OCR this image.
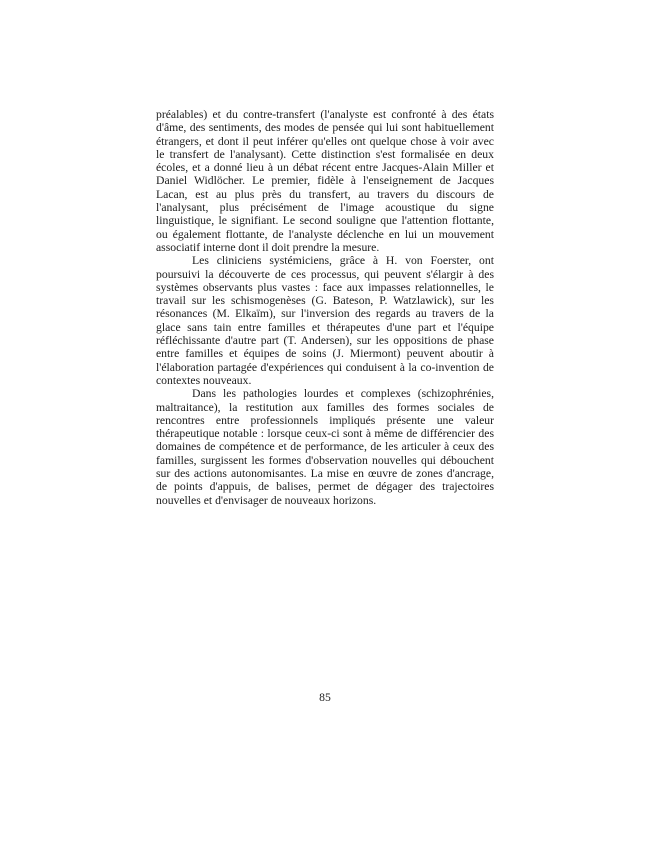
préalables) et du contre-transfert (l'analyste est confronté à des états d'âme, des sentiments, des modes de pensée qui lui sont habituellement étrangers, et dont il peut inférer qu'elles ont quelque chose à voir avec le transfert de l'analysant). Cette distinction s'est formalisée en deux écoles, et a donné lieu à un débat récent entre Jacques-Alain Miller et Daniel Widlöcher. Le premier, fidèle à l'enseignement de Jacques Lacan, est au plus près du transfert, au travers du discours de l'analysant, plus précisément de l'image acoustique du signe linguistique, le signifiant. Le second souligne que l'attention flottante, ou également flottante, de l'analyste déclenche en lui un mouvement associatif interne dont il doit prendre la mesure.

Les cliniciens systémiciens, grâce à H. von Foerster, ont poursuivi la découverte de ces processus, qui peuvent s'élargir à des systèmes observants plus vastes : face aux impasses relationnelles, le travail sur les schismogenèses (G. Bateson, P. Watzlawick), sur les résonances (M. Elkaïm), sur l'inversion des regards au travers de la glace sans tain entre familles et thérapeutes d'une part et l'équipe réfléchissante d'autre part (T. Andersen), sur les oppositions de phase entre familles et équipes de soins (J. Miermont) peuvent aboutir à l'élaboration partagée d'expériences qui conduisent à la co-invention de contextes nouveaux.

Dans les pathologies lourdes et complexes (schizophrénies, maltraitance), la restitution aux familles des formes sociales de rencontres entre professionnels impliqués présente une valeur thérapeutique notable : lorsque ceux-ci sont à même de différencier des domaines de compétence et de performance, de les articuler à ceux des familles, surgissent les formes d'observation nouvelles qui débouchent sur des actions autonomisantes. La mise en œuvre de zones d'ancrage, de points d'appuis, de balises, permet de dégager des trajectoires nouvelles et d'envisager de nouveaux horizons.

85
